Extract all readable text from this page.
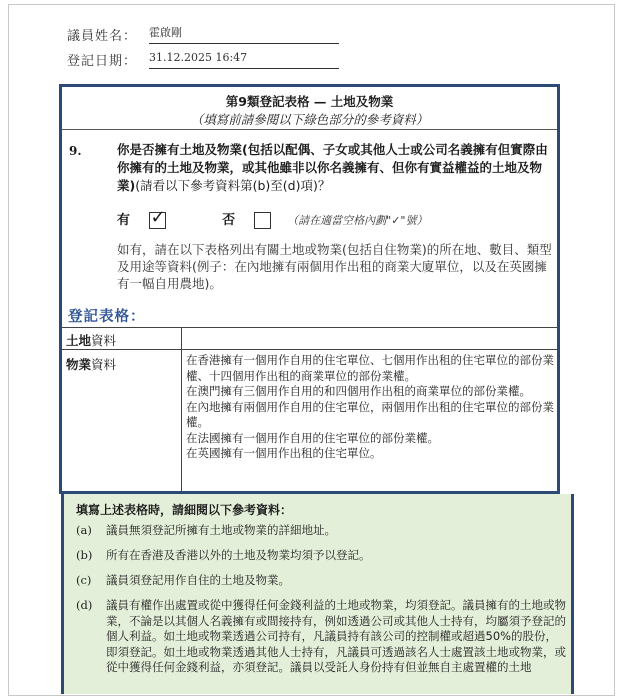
議員姓名： 霍啟剛
登記日期： 31.12.2025 16:47
第9類登記表格 — 土地及物業
（填寫前請參閱以下綠色部分的參考資料）
9.	你是否擁有土地及物業(包括以配偶、子女或其他人士或公司名義擁有但實際由你擁有的土地及物業，或其他雖非以你名義擁有、但你有實益權益的土地及物業)(請看以下參考資料第(b)至(d)項)？
有 ✓	否	（請在適當空格內劃"✓"號）
如有，請在以下表格列出有關土地或物業(包括自住物業)的所在地、數目、類型及用途等資料(例子：在內地擁有兩個用作出租的商業大廈單位，以及在英國擁有一幅自用農地)。
登記表格：
土地資料
物業資料	在香港擁有一個用作自用的住宅單位、七個用作出租的住宅單位的部份業權、十四個用作出租的商業單位的部份業權。
在澳門擁有三個用作自用的和四個用作出租的商業單位的部份業權。
在內地擁有兩個用作自用的住宅單位，兩個用作出租的住宅單位的部份業權。
在法國擁有一個用作自用的住宅單位的部份業權。
在英國擁有一個用作出租的住宅單位。
填寫上述表格時，請細閱以下參考資料：
(a) 議員無須登記所擁有土地或物業的詳細地址。
(b) 所有在香港及香港以外的土地及物業均須予以登記。
(c) 議員須登記用作自住的土地及物業。
(d) 議員有權作出處置或從中獲得任何金錢利益的土地或物業，均須登記。議員擁有的土地或物業，不論是以其個人名義擁有或間接持有，例如透過公司或其他人士持有，均屬須予登記的個人利益。如土地或物業透過公司持有，凡議員持有該公司的控制權或超過50%的股份，即須登記。如土地或物業透過其他人士持有，凡議員可透過該名人士處置該土地或物業，或從中獲得任何金錢利益，亦須登記。議員以受託人身份持有但並無自主處置權的土地
